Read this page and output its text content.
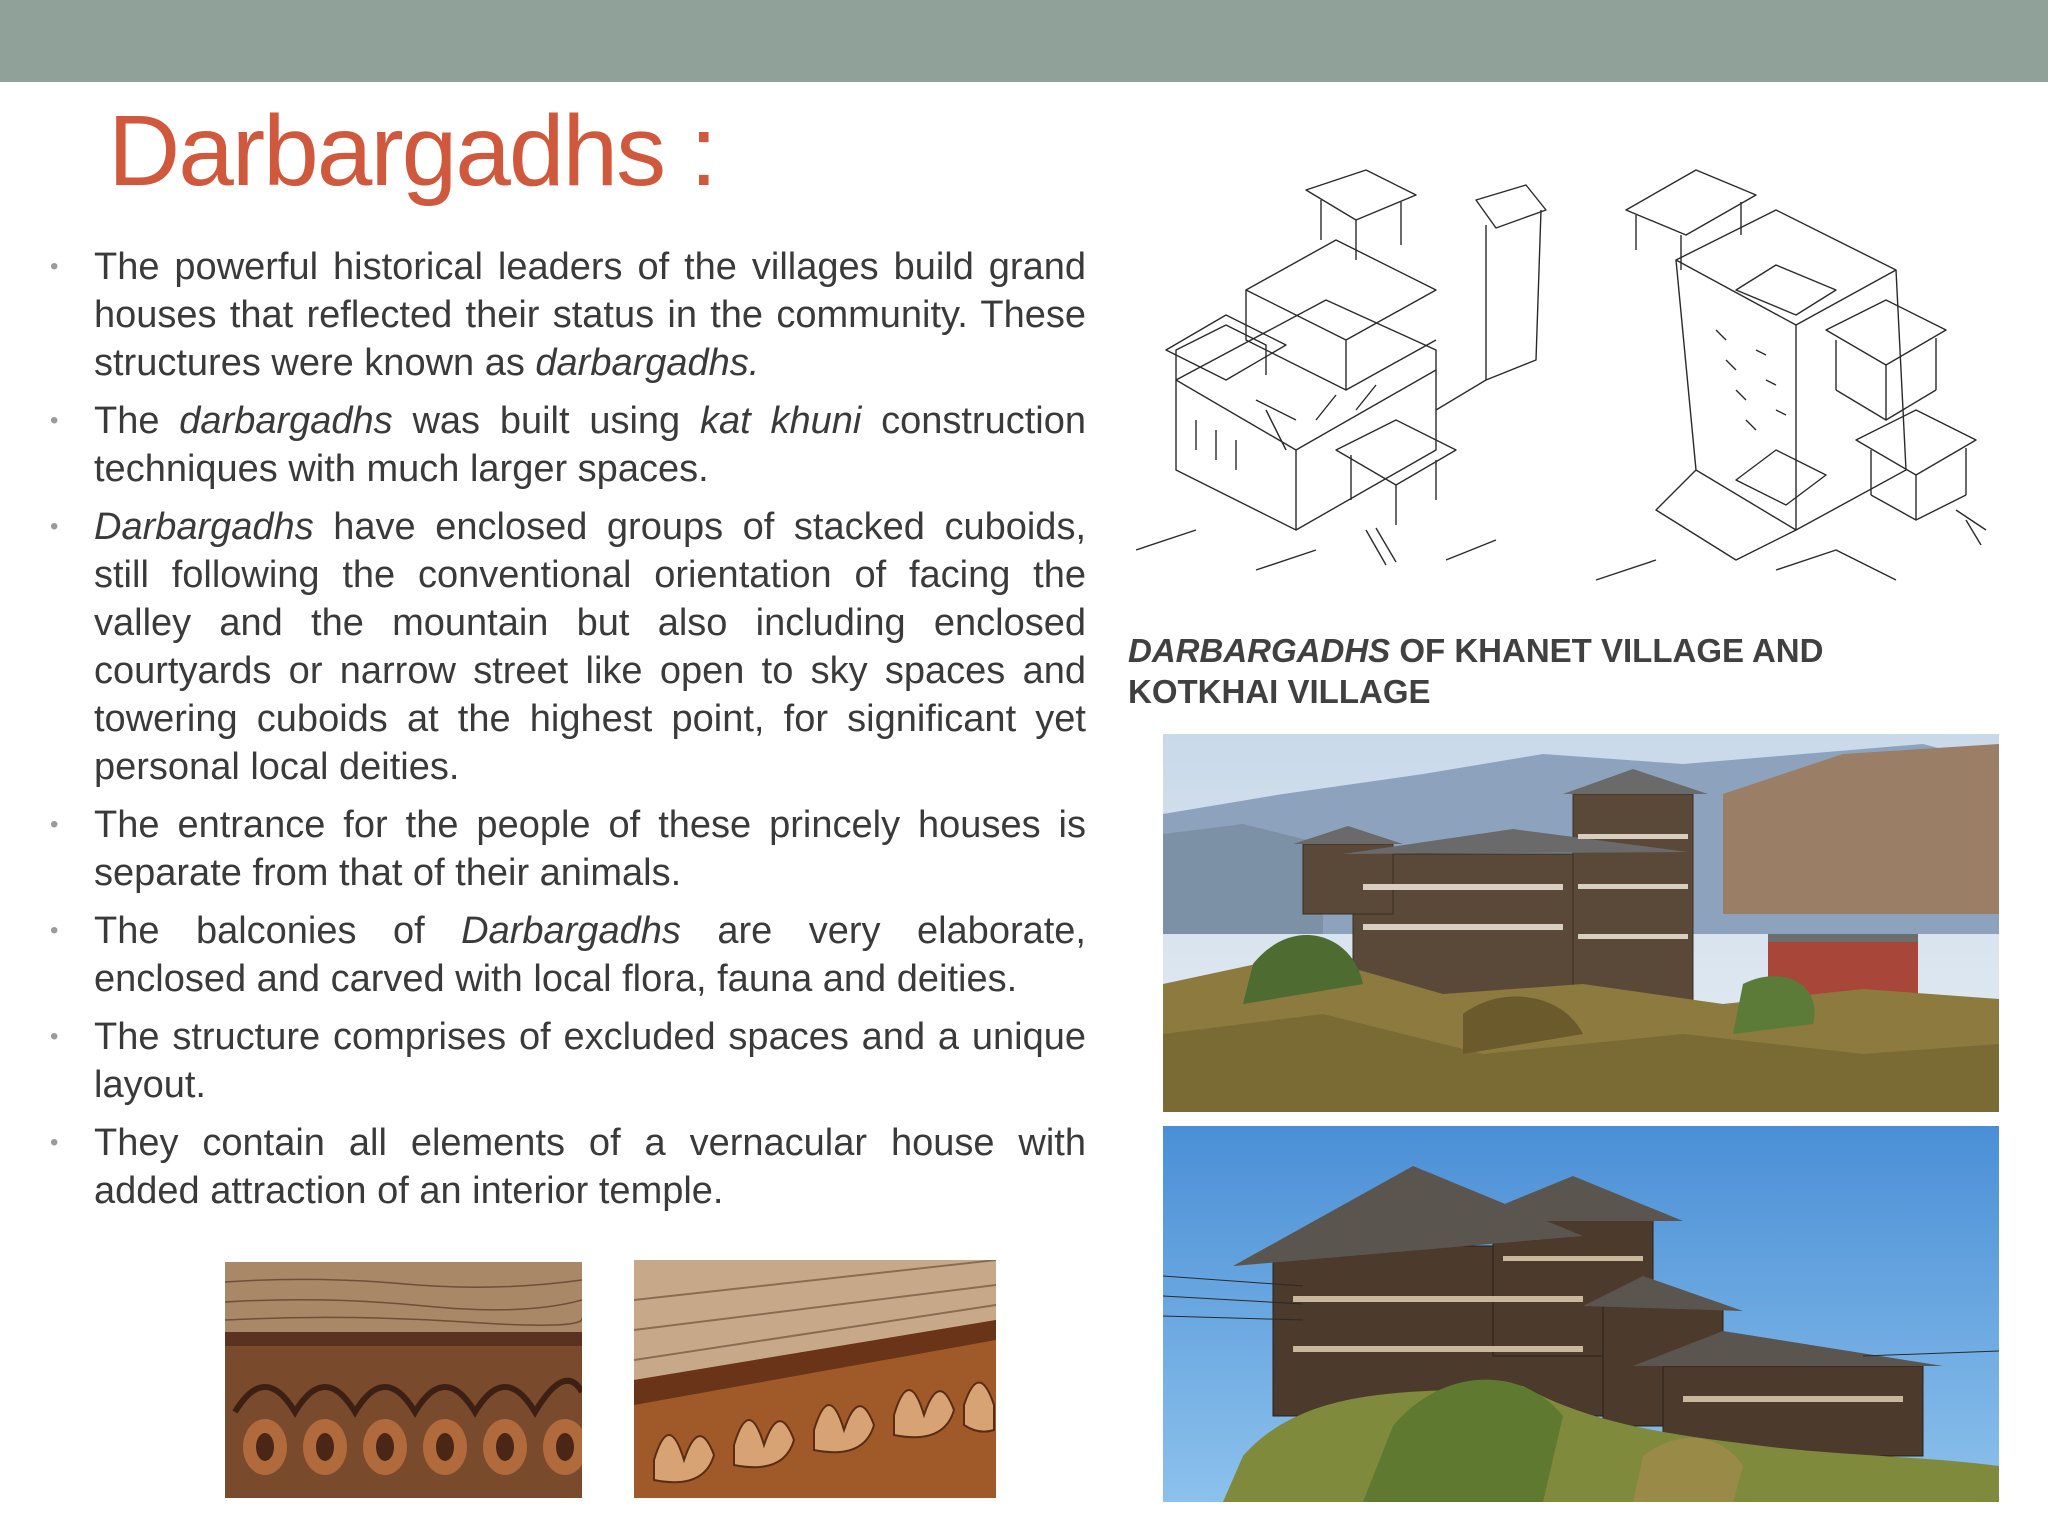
Darbargadhs :
• The powerful historical leaders of the villages build grand houses that reflected their status in the community. These structures were known as darbargadhs.
• The darbargadhs was built using kat khuni construction techniques with much larger spaces.
• Darbargadhs have enclosed groups of stacked cuboids, still following the conventional orientation of facing the valley and the mountain but also including enclosed courtyards or narrow street like open to sky spaces and towering cuboids at the highest point, for significant yet personal local deities.
• The entrance for the people of these princely houses is separate from that of their animals.
• The balconies of Darbargadhs are very elaborate, enclosed and carved with local flora, fauna and deities.
• The structure comprises of excluded spaces and a unique layout.
• They contain all elements of a vernacular house with added attraction of an interior temple.

DARBARGADHS OF KHANET VILLAGE AND KOTKHAI VILLAGE
